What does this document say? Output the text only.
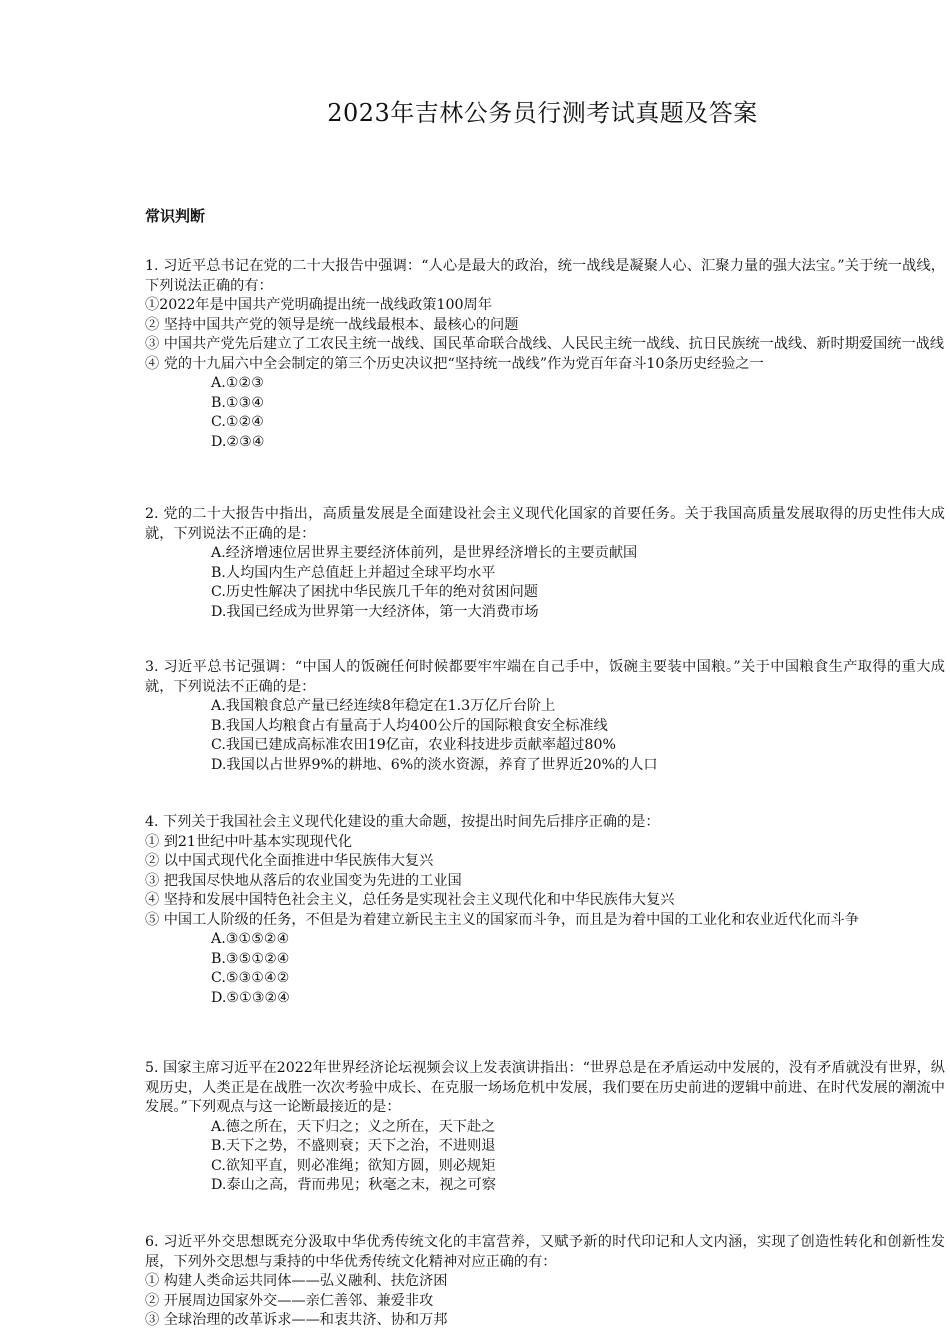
2023年吉林公务员行测考试真题及答案
常识判断
1. 习近平总书记在党的二十大报告中强调：“人心是最大的政治，统一战线是凝聚人心、汇聚力量的强大法宝。”关于统一战线，下列说法正确的有：
①2022年是中国共产党明确提出统一战线政策100周年
② 坚持中国共产党的领导是统一战线最根本、最核心的问题
③ 中国共产党先后建立了工农民主统一战线、国民革命联合战线、人民民主统一战线、抗日民族统一战线、新时期爱国统一战线
④ 党的十九届六中全会制定的第三个历史决议把“坚持统一战线”作为党百年奋斗10条历史经验之一
A.①②③
B.①③④
C.①②④
D.②③④
2. 党的二十大报告中指出，高质量发展是全面建设社会主义现代化国家的首要任务。关于我国高质量发展取得的历史性伟大成就，下列说法不正确的是：
A.经济增速位居世界主要经济体前列，是世界经济增长的主要贡献国
B.人均国内生产总值赶上并超过全球平均水平
C.历史性解决了困扰中华民族几千年的绝对贫困问题
D.我国已经成为世界第一大经济体，第一大消费市场
3. 习近平总书记强调：“中国人的饭碗任何时候都要牢牢端在自己手中，饭碗主要装中国粮。”关于中国粮食生产取得的重大成就，下列说法不正确的是：
A.我国粮食总产量已经连续8年稳定在1.3万亿斤台阶上
B.我国人均粮食占有量高于人均400公斤的国际粮食安全标准线
C.我国已建成高标准农田19亿亩，农业科技进步贡献率超过80%
D.我国以占世界9%的耕地、6%的淡水资源，养育了世界近20%的人口
4. 下列关于我国社会主义现代化建设的重大命题，按提出时间先后排序正确的是：
① 到21世纪中叶基本实现现代化
② 以中国式现代化全面推进中华民族伟大复兴
③ 把我国尽快地从落后的农业国变为先进的工业国
④ 坚持和发展中国特色社会主义，总任务是实现社会主义现代化和中华民族伟大复兴
⑤ 中国工人阶级的任务，不但是为着建立新民主主义的国家而斗争，而且是为着中国的工业化和农业近代化而斗争
A.③①⑤②④
B.③⑤①②④
C.⑤③①④②
D.⑤①③②④
5. 国家主席习近平在2022年世界经济论坛视频会议上发表演讲指出：“世界总是在矛盾运动中发展的，没有矛盾就没有世界，纵观历史，人类正是在战胜一次次考验中成长、在克服一场场危机中发展，我们要在历史前进的逻辑中前进、在时代发展的潮流中发展。”下列观点与这一论断最接近的是：
A.德之所在，天下归之；义之所在，天下赴之
B.天下之势，不盛则衰；天下之治，不进则退
C.欲知平直，则必准绳；欲知方圆，则必规矩
D.泰山之高，背而弗见；秋毫之末，视之可察
6. 习近平外交思想既充分汲取中华优秀传统文化的丰富营养，又赋予新的时代印记和人文内涵，实现了创造性转化和创新性发展，下列外交思想与秉持的中华优秀传统文化精神对应正确的有：
① 构建人类命运共同体——弘义融利、扶危济困
② 开展周边国家外交——亲仁善邻、兼爱非攻
③ 全球治理的改革诉求——和衷共济、协和万邦
